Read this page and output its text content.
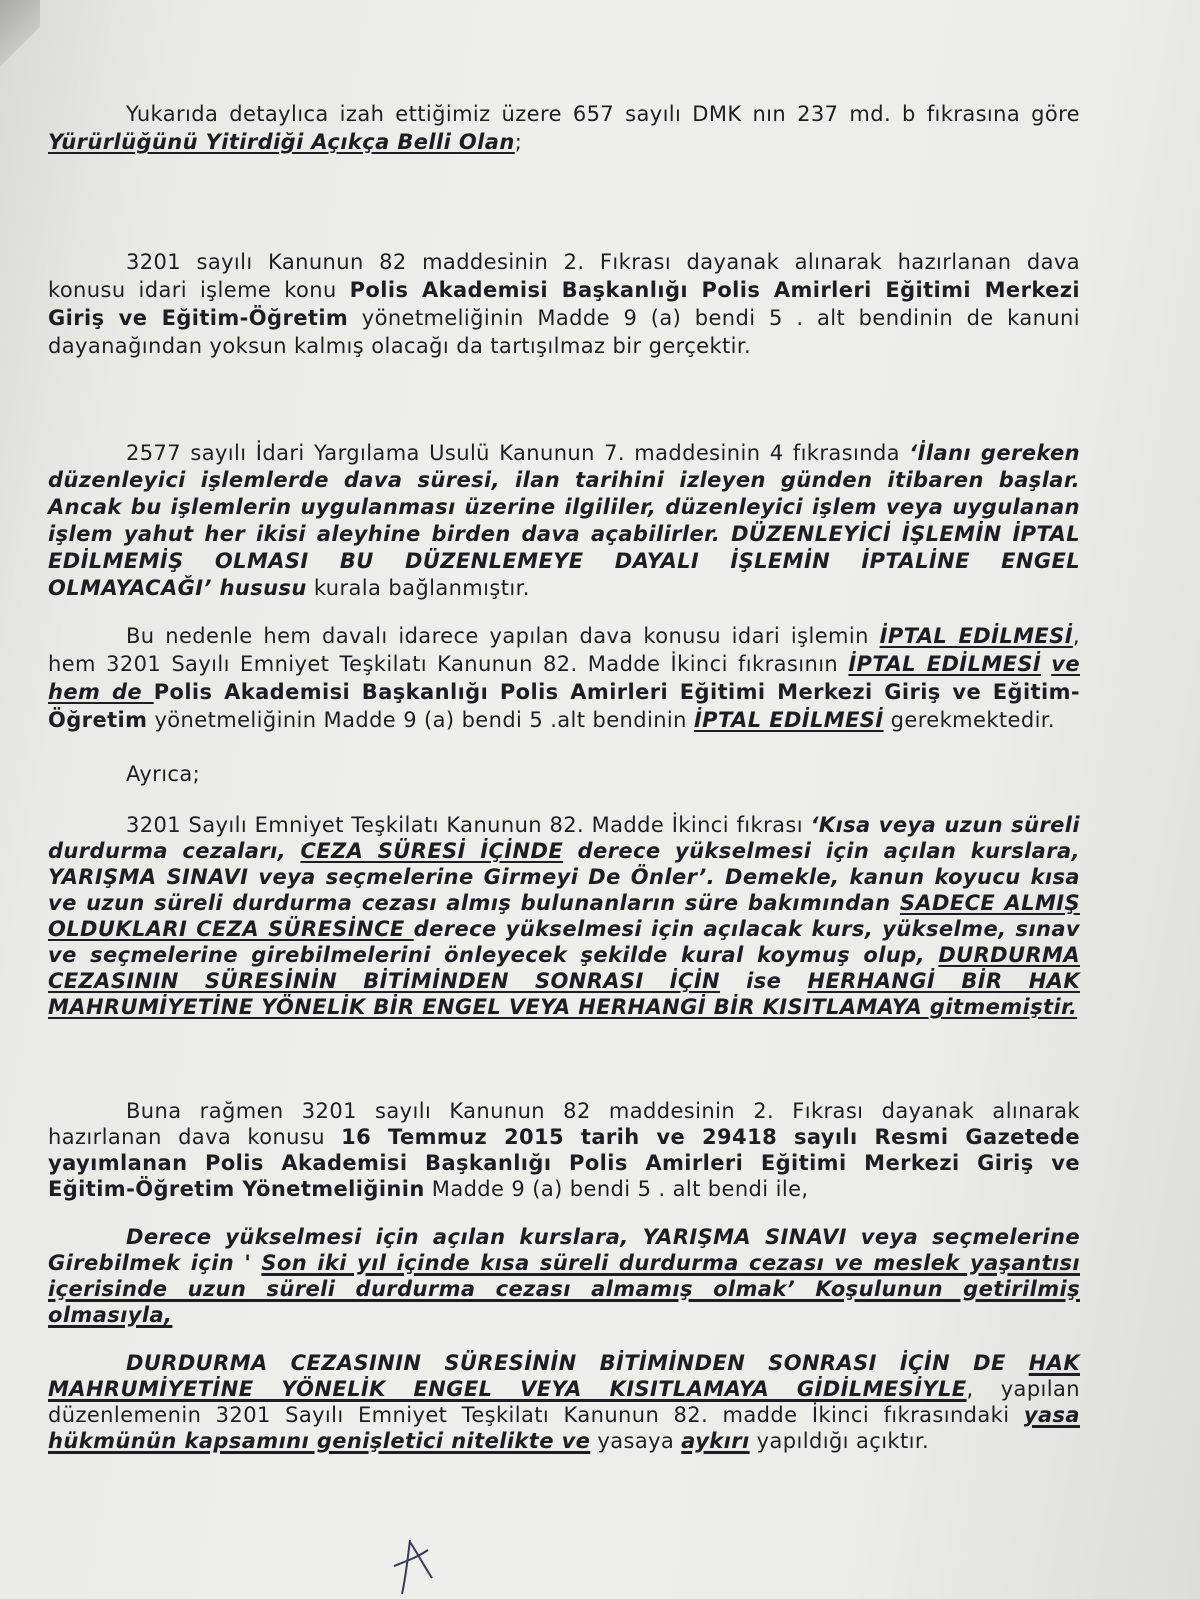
Yukarıda detaylıca izah ettiğimiz üzere 657 sayılı DMK nın 237 md. b fıkrasına göre Yürürlüğünü Yitirdiği Açıkça Belli Olan;

3201 sayılı Kanunun 82 maddesinin 2. Fıkrası dayanak alınarak hazırlanan dava konusu idari işleme konu Polis Akademisi Başkanlığı Polis Amirleri Eğitimi Merkezi Giriş ve Eğitim-Öğretim yönetmeliğinin Madde 9 (a) bendi 5 . alt bendinin de kanuni dayanağından yoksun kalmış olacağı da tartışılmaz bir gerçektir.

2577 sayılı İdari Yargılama Usulü Kanunun 7. maddesinin 4 fıkrasında ‘İlanı gereken düzenleyici işlemlerde dava süresi, ilan tarihini izleyen günden itibaren başlar. Ancak bu işlemlerin uygulanması üzerine ilgililer, düzenleyici işlem veya uygulanan işlem yahut her ikisi aleyhine birden dava açabilirler. DÜZENLEYİCİ İŞLEMİN İPTAL EDİLMEMİŞ OLMASI BU DÜZENLEMEYE DAYALI İŞLEMİN İPTALİNE ENGEL OLMAYACAĞI’ hususu kurala bağlanmıştır.

Bu nedenle hem davalı idarece yapılan dava konusu idari işlemin İPTAL EDİLMESİ, hem 3201 Sayılı Emniyet Teşkilatı Kanunun 82. Madde İkinci fıkrasının İPTAL EDİLMESİ ve hem de Polis Akademisi Başkanlığı Polis Amirleri Eğitimi Merkezi Giriş ve Eğitim-Öğretim yönetmeliğinin Madde 9 (a) bendi 5 .alt bendinin İPTAL EDİLMESİ gerekmektedir.

Ayrıca;

3201 Sayılı Emniyet Teşkilatı Kanunun 82. Madde İkinci fıkrası ‘Kısa veya uzun süreli durdurma cezaları, CEZA SÜRESİ İÇİNDE derece yükselmesi için açılan kurslara, YARIŞMA SINAVI veya seçmelerine Girmeyi De Önler’. Demekle, kanun koyucu kısa ve uzun süreli durdurma cezası almış bulunanların süre bakımından SADECE ALMIŞ OLDUKLARI CEZA SÜRESİNCE derece yükselmesi için açılacak kurs, yükselme, sınav ve seçmelerine girebilmelerini önleyecek şekilde kural koymuş olup, DURDURMA CEZASININ SÜRESİNİN BİTİMİNDEN SONRASI İÇİN ise HERHANGİ BİR HAK MAHRUMİYETİNE YÖNELİK BİR ENGEL VEYA HERHANGİ BİR KISITLAMAYA gitmemiştir.

Buna rağmen 3201 sayılı Kanunun 82 maddesinin 2. Fıkrası dayanak alınarak hazırlanan dava konusu 16 Temmuz 2015 tarih ve 29418 sayılı Resmi Gazetede yayımlanan Polis Akademisi Başkanlığı Polis Amirleri Eğitimi Merkezi Giriş ve Eğitim-Öğretim Yönetmeliğinin Madde 9 (a) bendi 5 . alt bendi ile,

Derece yükselmesi için açılan kurslara, YARIŞMA SINAVI veya seçmelerine Girebilmek için ' Son iki yıl içinde kısa süreli durdurma cezası ve meslek yaşantısı içerisinde uzun süreli durdurma cezası almamış olmak’ Koşulunun getirilmiş olmasıyla,

DURDURMA CEZASININ SÜRESİNİN BİTİMİNDEN SONRASI İÇİN DE HAK MAHRUMİYETİNE YÖNELİK ENGEL VEYA KISITLAMAYA GİDİLMESİYLE, yapılan düzenlemenin 3201 Sayılı Emniyet Teşkilatı Kanunun 82. madde İkinci fıkrasındaki yasa hükmünün kapsamını genişletici nitelikte ve yasaya aykırı yapıldığı açıktır.
